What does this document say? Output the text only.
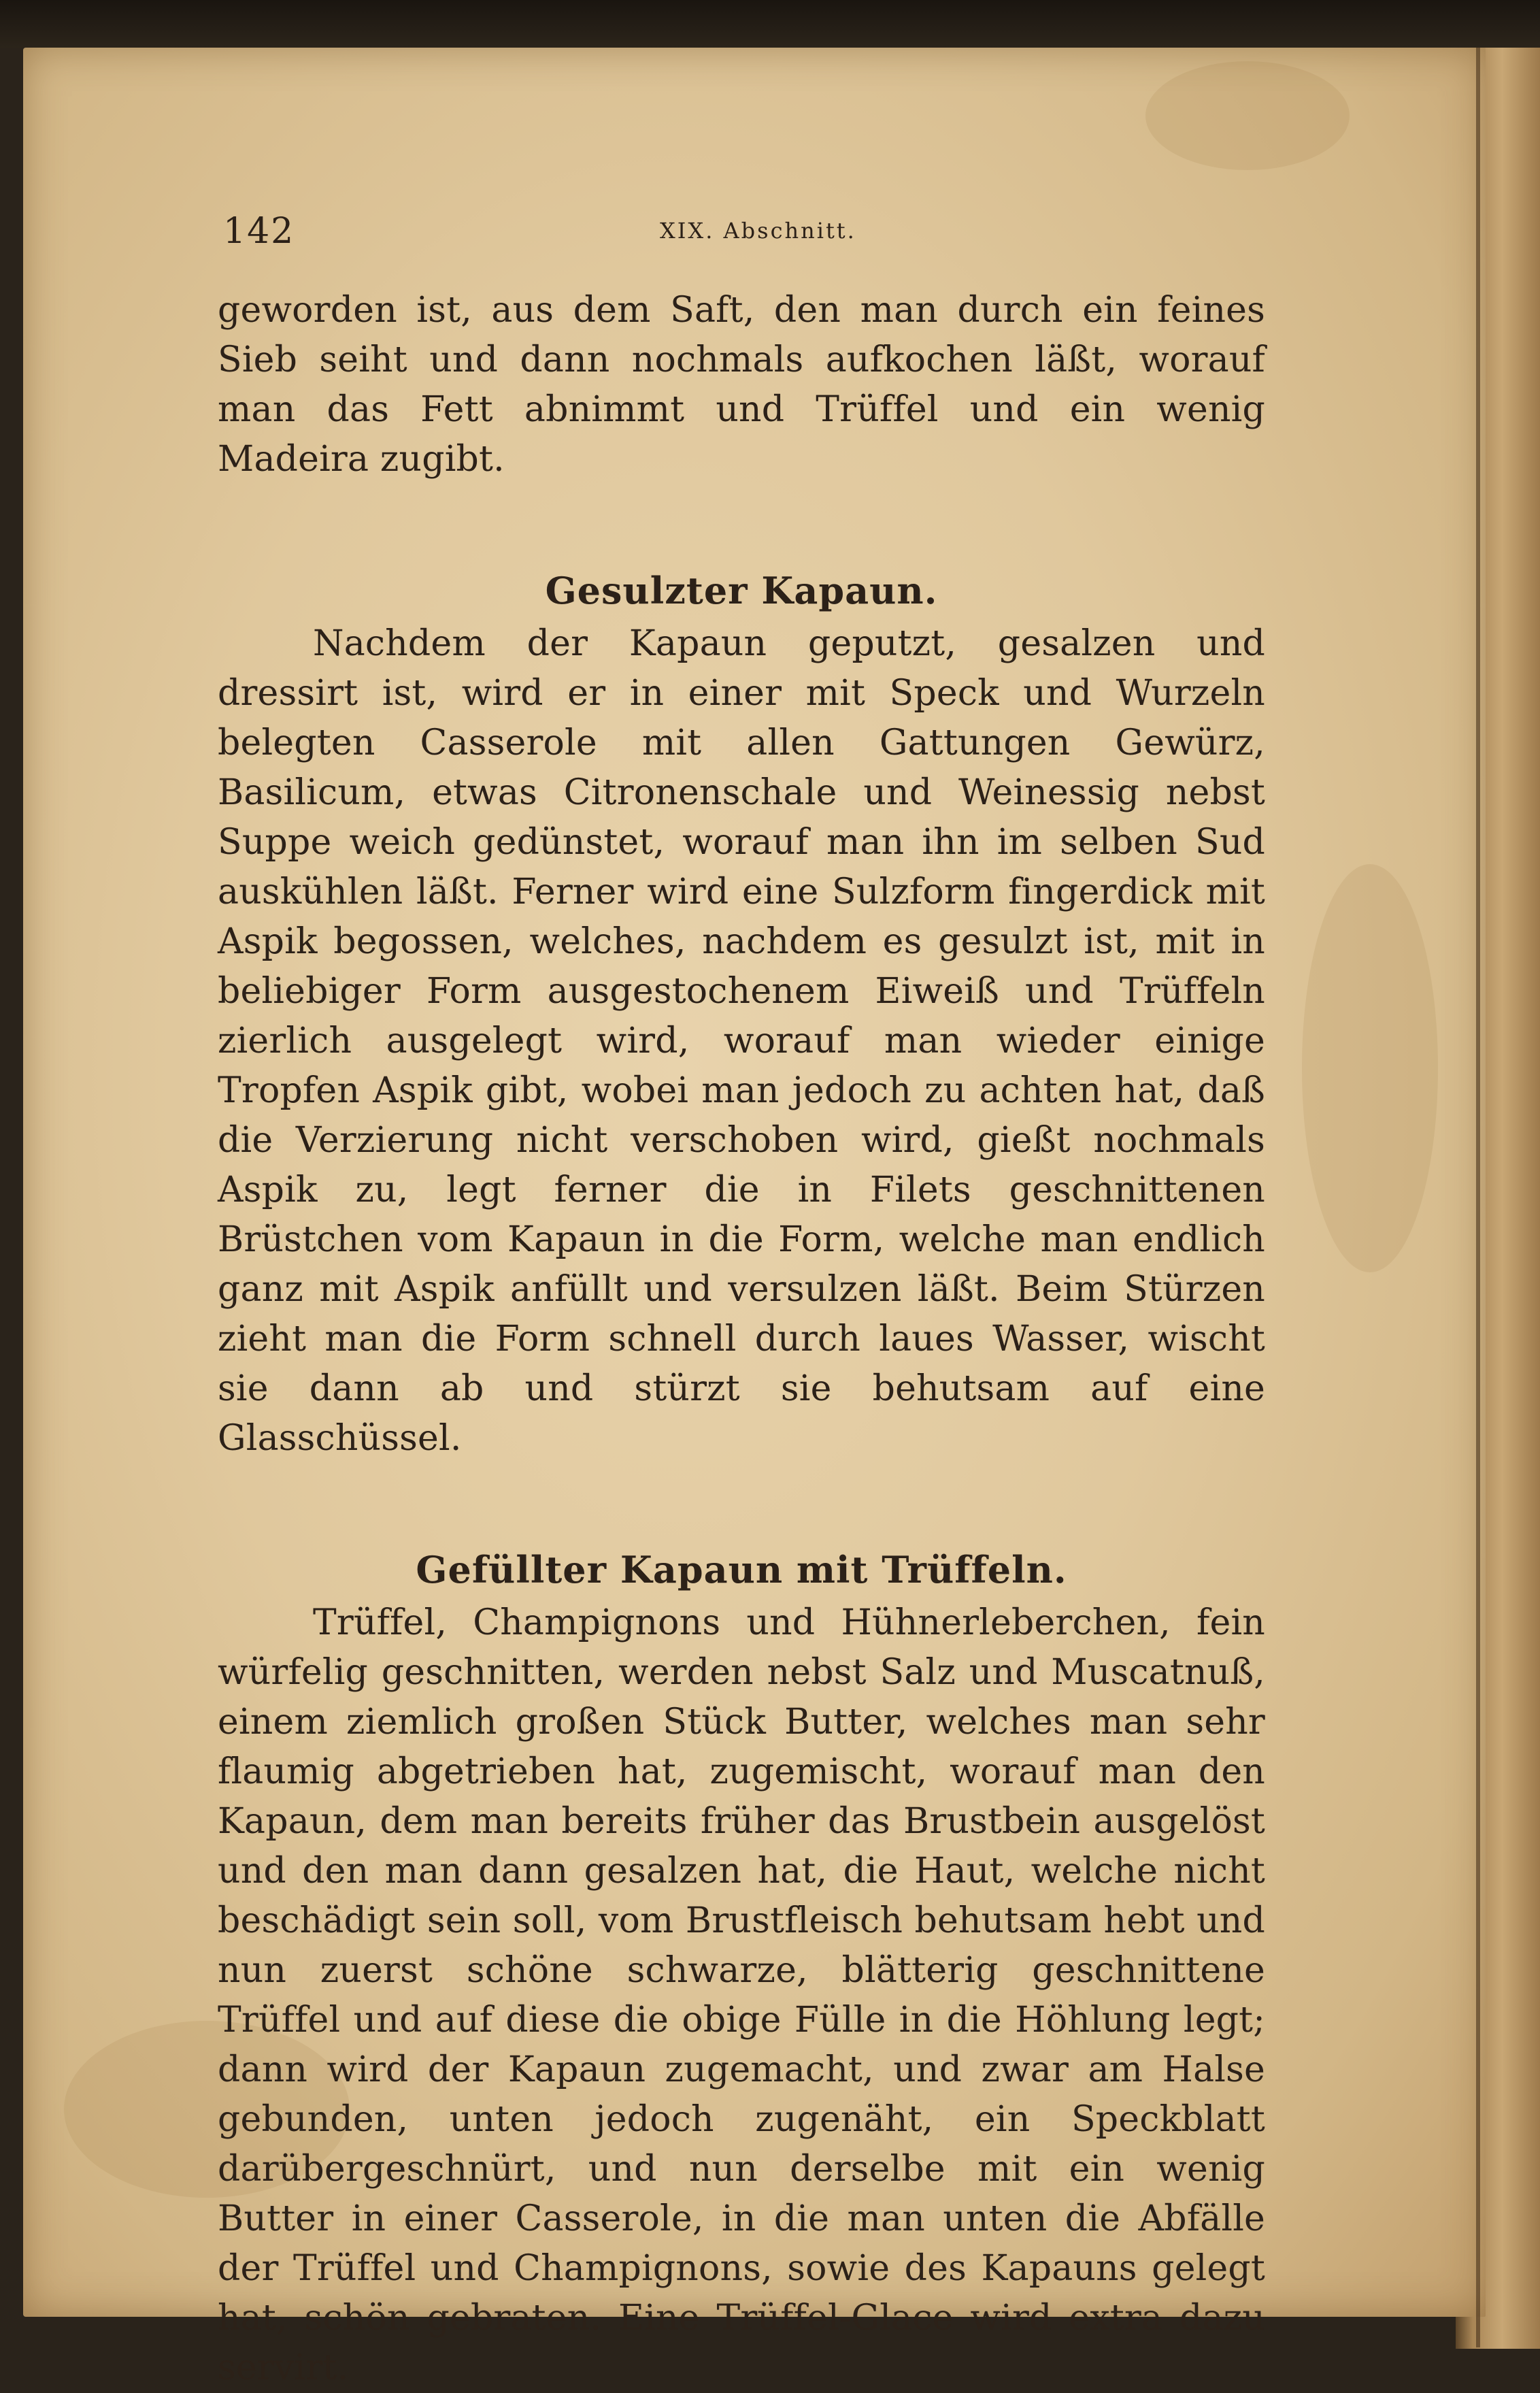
142	XIX. Abschnitt.

geworden ist, aus dem Saft, den man durch ein feines Sieb seiht und dann nochmals aufkochen läßt, worauf man das Fett abnimmt und Trüffel und ein wenig Madeira zugibt.

Gesulzter Kapaun.

Nachdem der Kapaun geputzt, gesalzen und dressirt ist, wird er in einer mit Speck und Wurzeln belegten Casserole mit allen Gattungen Gewürz, Basilicum, etwas Citronenschale und Weinessig nebst Suppe weich gedünstet, worauf man ihn im selben Sud auskühlen läßt. Ferner wird eine Sulzform fingerdick mit Aspik begossen, welches, nachdem es gesulzt ist, mit in beliebiger Form ausgestochenem Eiweiß und Trüffeln zierlich ausgelegt wird, worauf man wieder einige Tropfen Aspik gibt, wobei man jedoch zu achten hat, daß die Verzierung nicht verschoben wird, gießt nochmals Aspik zu, legt ferner die in Filets geschnittenen Brüstchen vom Kapaun in die Form, welche man endlich ganz mit Aspik anfüllt und versulzen läßt. Beim Stürzen zieht man die Form schnell durch laues Wasser, wischt sie dann ab und stürzt sie behutsam auf eine Glasschüssel.

Gefüllter Kapaun mit Trüffeln.

Trüffel, Champignons und Hühnerleberchen, fein würfelig geschnitten, werden nebst Salz und Muscatnuß, einem ziemlich großen Stück Butter, welches man sehr flaumig abgetrieben hat, zugemischt, worauf man den Kapaun, dem man bereits früher das Brustbein ausgelöst und den man dann gesalzen hat, die Haut, welche nicht beschädigt sein soll, vom Brustfleisch behutsam hebt und nun zuerst schöne schwarze, blätterig geschnittene Trüffel und auf diese die obige Fülle in die Höhlung legt; dann wird der Kapaun zugemacht, und zwar am Halse gebunden, unten jedoch zugenäht, ein Speckblatt darübergeschnürt, und nun derselbe mit ein wenig Butter in einer Casserole, in die man unten die Abfälle der Trüffel und Champignons, sowie des Kapauns gelegt hat, schön gebraten. Eine Trüffel-Glace wird extra dazu servirt.
